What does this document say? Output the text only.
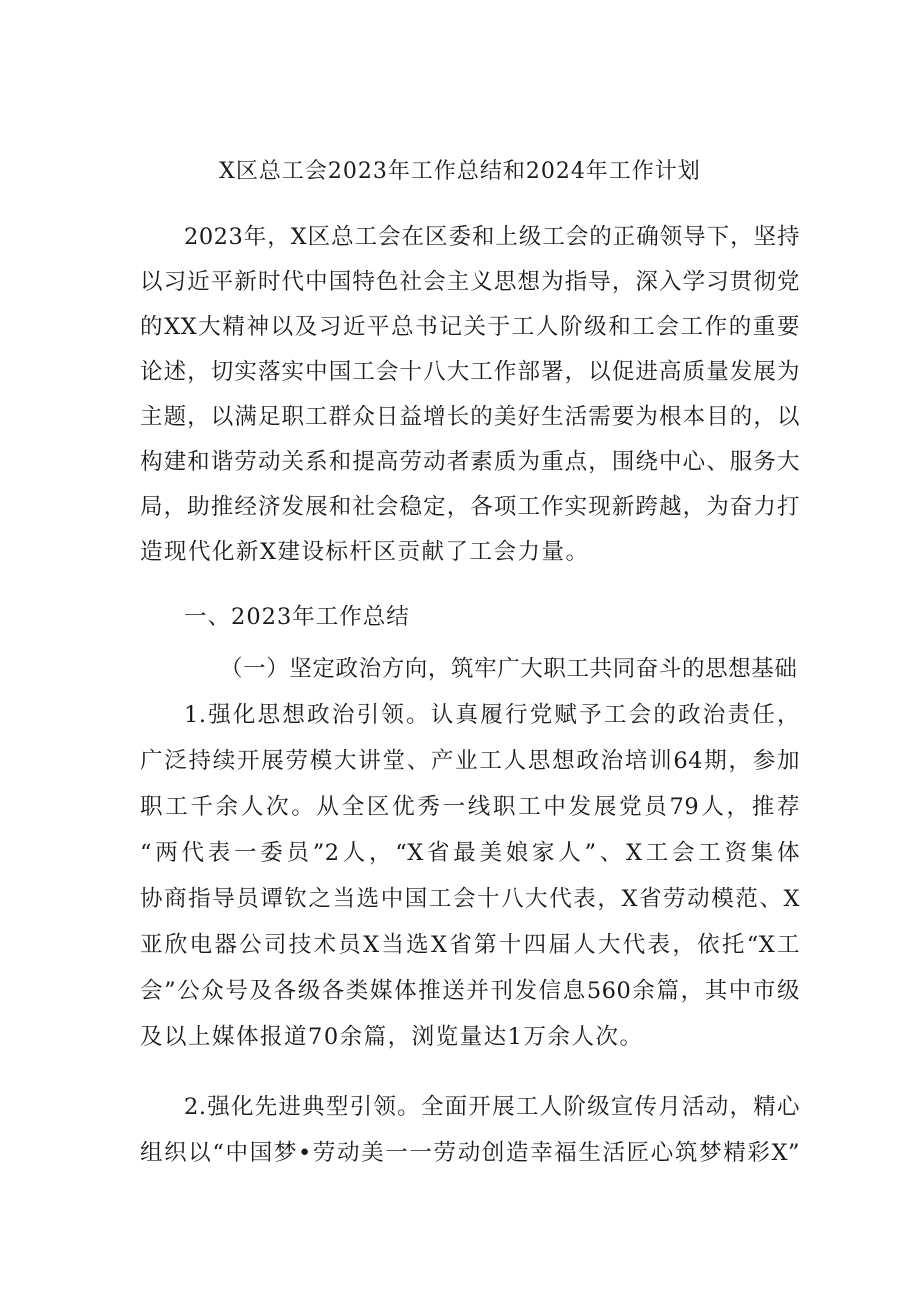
X区总工会2023年工作总结和2024年工作计划
2023年，X区总工会在区委和上级工会的正确领导下，坚持
以习近平新时代中国特色社会主义思想为指导，深入学习贯彻党
的XX大精神以及习近平总书记关于工人阶级和工会工作的重要
论述，切实落实中国工会十八大工作部署，以促进高质量发展为
主题，以满足职工群众日益增长的美好生活需要为根本目的，以
构建和谐劳动关系和提高劳动者素质为重点，围绕中心、服务大
局，助推经济发展和社会稳定，各项工作实现新跨越，为奋力打
造现代化新X建设标杆区贡献了工会力量。
一、2023年工作总结
（一）坚定政治方向，筑牢广大职工共同奋斗的思想基础
1.强化思想政治引领。认真履行党赋予工会的政治责任，
广泛持续开展劳模大讲堂、产业工人思想政治培训64期，参加
职工千余人次。从全区优秀一线职工中发展党员79人，推荐
“两代表一委员”2人，“X省最美娘家人”、X工会工资集体
协商指导员谭钦之当选中国工会十八大代表，X省劳动模范、X
亚欣电器公司技术员X当选X省第十四届人大代表，依托“X工
会”公众号及各级各类媒体推送并刊发信息560余篇，其中市级
及以上媒体报道70余篇，浏览量达1万余人次。
2.强化先进典型引领。全面开展工人阶级宣传月活动，精心
组织以“中国梦•劳动美一一劳动创造幸福生活匠心筑梦精彩X”
